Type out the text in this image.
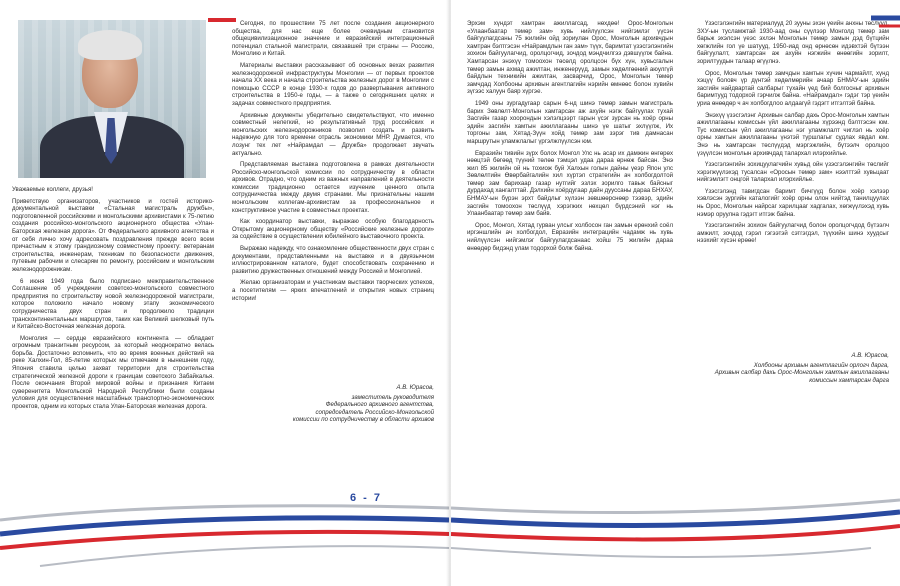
Уважаемые коллеги, друзья!

Приветствую организаторов, участников и гостей историко-документальной выставки «Стальная магистраль дружбы», подготовленной российскими и монгольскими архивистами к 75-летию создания российско-монгольского акционерного общества «Улан-Баторская железная дорога». От Федерального архивного агентства и от себя лично хочу адресовать поздравления прежде всего всем причастным к этому грандиозному совместному проекту: ветеранам строительства, инженерам, техникам по безопасности движения, путевым рабочим и слесарям по ремонту, российским и монгольским железнодорожникам.

6 июня 1949 года было подписано межправительственное Соглашение об учреждении советско-монгольского совместного предприятия по строительству новой железнодорожной магистрали, которое положило начало новому этапу экономического сотрудничества двух стран и продолжило традиции трансконтинентальных маршрутов, таких как Великий шелковый путь и Китайско-Восточная железная дорога.

Монголия — сердце евразийского континента — обладает огромным транзитным ресурсом, за который неоднократно велась борьба. Достаточно вспомнить, что во время военных действий на реке Халхин-Гол, 85-летие которых мы отмечаем в нынешнем году, Япония ставила целью захват территории для строительства стратегической железной дороги к границам советского Забайкалья. После окончания Второй мировой войны и признания Китаем суверенитета Монгольской Народной Республики были созданы условия для осуществления масштабных транспортно-экономических проектов, одним из которых стала Улан-Баторская железная дорога.

Сегодня, по прошествии 75 лет после создания акционерного общества, для нас еще более очевидным становится общецивилизационное значение и евразийский интеграционный потенциал стальной магистрали, связавшей три страны — Россию, Монголию и Китай.

Материалы выставки рассказывают об основных вехах развития железнодорожной инфраструктуры Монголии — от первых проектов начала XX века и начала строительства железных дорог в Монголии с помощью СССР в конце 1930-х годов до развертывания активного строительства в 1950-е годы, — а также о сегодняшних целях и задачах совместного предприятия.

Архивные документы убедительно свидетельствуют, что именно совместный нелегкий, но результативный труд российских и монгольских железнодорожников позволил создать и развить надежную для того времени отрасль экономики МНР. Думается, что лозунг тех лет «Найрамдал — Дружба» продолжает звучать актуально.

Представляемая выставка подготовлена в рамках деятельности Российско-монгольской комиссии по сотрудничеству в области архивов. Отрадно, что одним из важных направлений в деятельности комиссии традиционно остается изучение ценного опыта сотрудничества между двумя странами. Мы признательны нашим монгольским коллегам-архивистам за профессиональное и конструктивное участие в совместных проектах.

Как координатор выставки, выражаю особую благодарность Открытому акционерному обществу «Российские железные дороги» за содействие в осуществлении юбилейного выставочного проекта.

Выражаю надежду, что ознакомление общественности двух стран с документами, представленными на выставке и в двуязычном иллюстрированном каталоге, будет способствовать сохранению и развитию дружественных отношений между Россией и Монголией.

Желаю организаторам и участникам выставки творческих успехов, а посетителям — ярких впечатлений и открытия новых страниц истории!

А.В. Юрасов,
заместитель руководителя
Федерального архивного агентства,
сопредседатель Российско-Монгольской
комиссии по сотрудничеству в области архивов
6 - 7

Эрхэм хүндэт хамтран ажиллагсад, нөхдөө! Орос-Монголын «Улаанбаатар төмөр зам» хувь нийлүүлсэн нийгэмлэг үүсэн байгуулагдсаны 75 жилийн ойд зориулан Орос, Монголын архивчдын хамтран бэлтгэсэн «Найрамдлын ган зам» түүх, баримтат үзэсгэлэнгийн зохион байгуулагчид, оролцогчид, зочдод мэндчилгээ дэвшүүлж байна. Хамтарсан энэхүү томоохон төсөлд оролцсон бүх хүн, хувьсгалын төмөр замын ахмад ажилтан, инженерүүд, замын хөдөлгөөний аюулгүй байдлын техникийн ажилтан, засварчид, Орос, Монголын төмөр замчдад Холбооны архивын агентлагийн нэрийн өмнөөс болон хувийн зүгээс халуун баяр хүргэе.

1949 оны зургадугаар сарын 6-нд шинэ төмөр замын магистраль барих Зөвлөлт-Монголын хамтарсан аж ахуйн нэгж байгуулах тухай Засгийн газар хоорондын хэлэлцээрт гарын үсэг зурсан нь хоёр орны эдийн засгийн хамтын ажиллагааны шинэ үе шатыг эхлүүлж, Их торгоны зам, Хятад-Зүүн хойд төмөр зам зэрэг тив дамнасан маршрутын уламжлалыг үргэлжлүүлсэн юм.

Евразийн тивийн зүрх болох Монгол Улс нь асар их дамжин өнгөрөх нөөцтэй бөгөөд түүний төлөө тэмцэл удаа дараа өрнөж байсан. Энэ жил 85 жилийн ой нь тохиож буй Халхын голын дайны үеэр Япон улс Зөвлөлтийн Өвөрбайгалийн хил хүртэл стратегийн ач холбогдолтой төмөр зам барихаар газар нутгийг эзлэх зорилго тавьж байсныг дурдахад хангалттай. Дэлхийн хоёрдугаар дайн дууссаны дараа БНХАУ, БНМАУ-ын бүрэн эрхт байдлыг хүлээн зөвшөөрснөөр тээвэр, эдийн засгийн томоохон төслүүд хэрэгжих нөхцөл бүрдсэний нэг нь Улаанбаатар төмөр зам байв.

Орос, Монгол, Хятад гурван улсыг холбосон ган замын ерөнхий соёл иргэншлийн ач холбогдол, Евразийн интеграцийн чадамж нь хувь нийлүүлсэн нийгэмлэг байгуулагдсанаас хойш 75 жилийн дараа өнөөдөр бидэнд улам тодорхой болж байна.

Үзэсгэлэнгийн материалууд 20 зууны эхэн үеийн анхны төслүүд, ЗХУ-ын тусламжтай 1930-аад оны сүүлээр Монголд төмөр зам барьж эхэлсэн үеэс эхлэн Монголын төмөр замын дэд бүтцийн хөгжлийн гол үе шатууд, 1950-иад онд өрнөсөн идэвхтэй бүтээн байгуулалт, хамтарсан аж ахуйн нэгжийн өнөөгийн зорилт, зорилтуудын талаар өгүүлнэ.

Орос, Монголын төмөр замчдын хамтын хүчин чармайлт, хүнд хэцүү боловч үр дүнтэй хөдөлмөрийн ачаар БНМАУ-ын эдийн засгийн найдвартай салбарыг тухайн үед бий болгосныг архивын баримтууд тодорхой гэрчилж байна. «Найрамдал» гэдэг тэр үеийн уриа өнөөдөр ч ач холбогдлоо алдаагүй гэдэгт итгэлтэй байна.

Энэхүү үзэсгэлэнг Архивын салбар дахь Орос-Монголын хамтын ажиллагааны комиссын үйл ажиллагааны хүрээнд бэлтгэсэн юм. Тус комиссын үйл ажиллагааны нэг уламжлалт чиглэл нь хоёр орны хамтын ажиллагааны үнэтэй туршлагыг судлах явдал юм. Энэ нь хамтарсан төслүүдэд мэргэжлийн, бүтээлч оролцоо үзүүлсэн монголын архивчдад талархал илэрхийлье.

Үзэсгэлэнгийн зохицуулагчийн хувьд ойн үзэсгэлэнгийн төслийг хэрэгжүүлэхэд тусалсан «Оросын төмөр зам» нээлттэй хувьцаат нийгэмлэгт онцгой талархал илэрхийлье.

Үзэсгэлэнд тавигдсан баримт бичгүүд болон хоёр хэлээр хэвлэсэн зургийн каталогийг хоёр орны олон нийтэд танилцуулах нь Орос, Монголын найрсаг харилцааг хадгалах, хөгжүүлэхэд хувь нэмэр оруулна гэдэгт итгэж байна.

Үзэсгэлэнгийн зохион байгуулагчид болон оролцогчдод бүтээлч амжилт, зочдод гэрэл гэгээтэй сэтгэгдэл, түүхийн шинэ хуудсыг нээхийг хүсэн ерөөе!

А.В. Юрасов,
Холбооны архивын агентлагийн орлогч дарга,
Архивын салбар дахь Орос-Монголын хамтын ажиллагааны комиссын хамтарсан дарга
